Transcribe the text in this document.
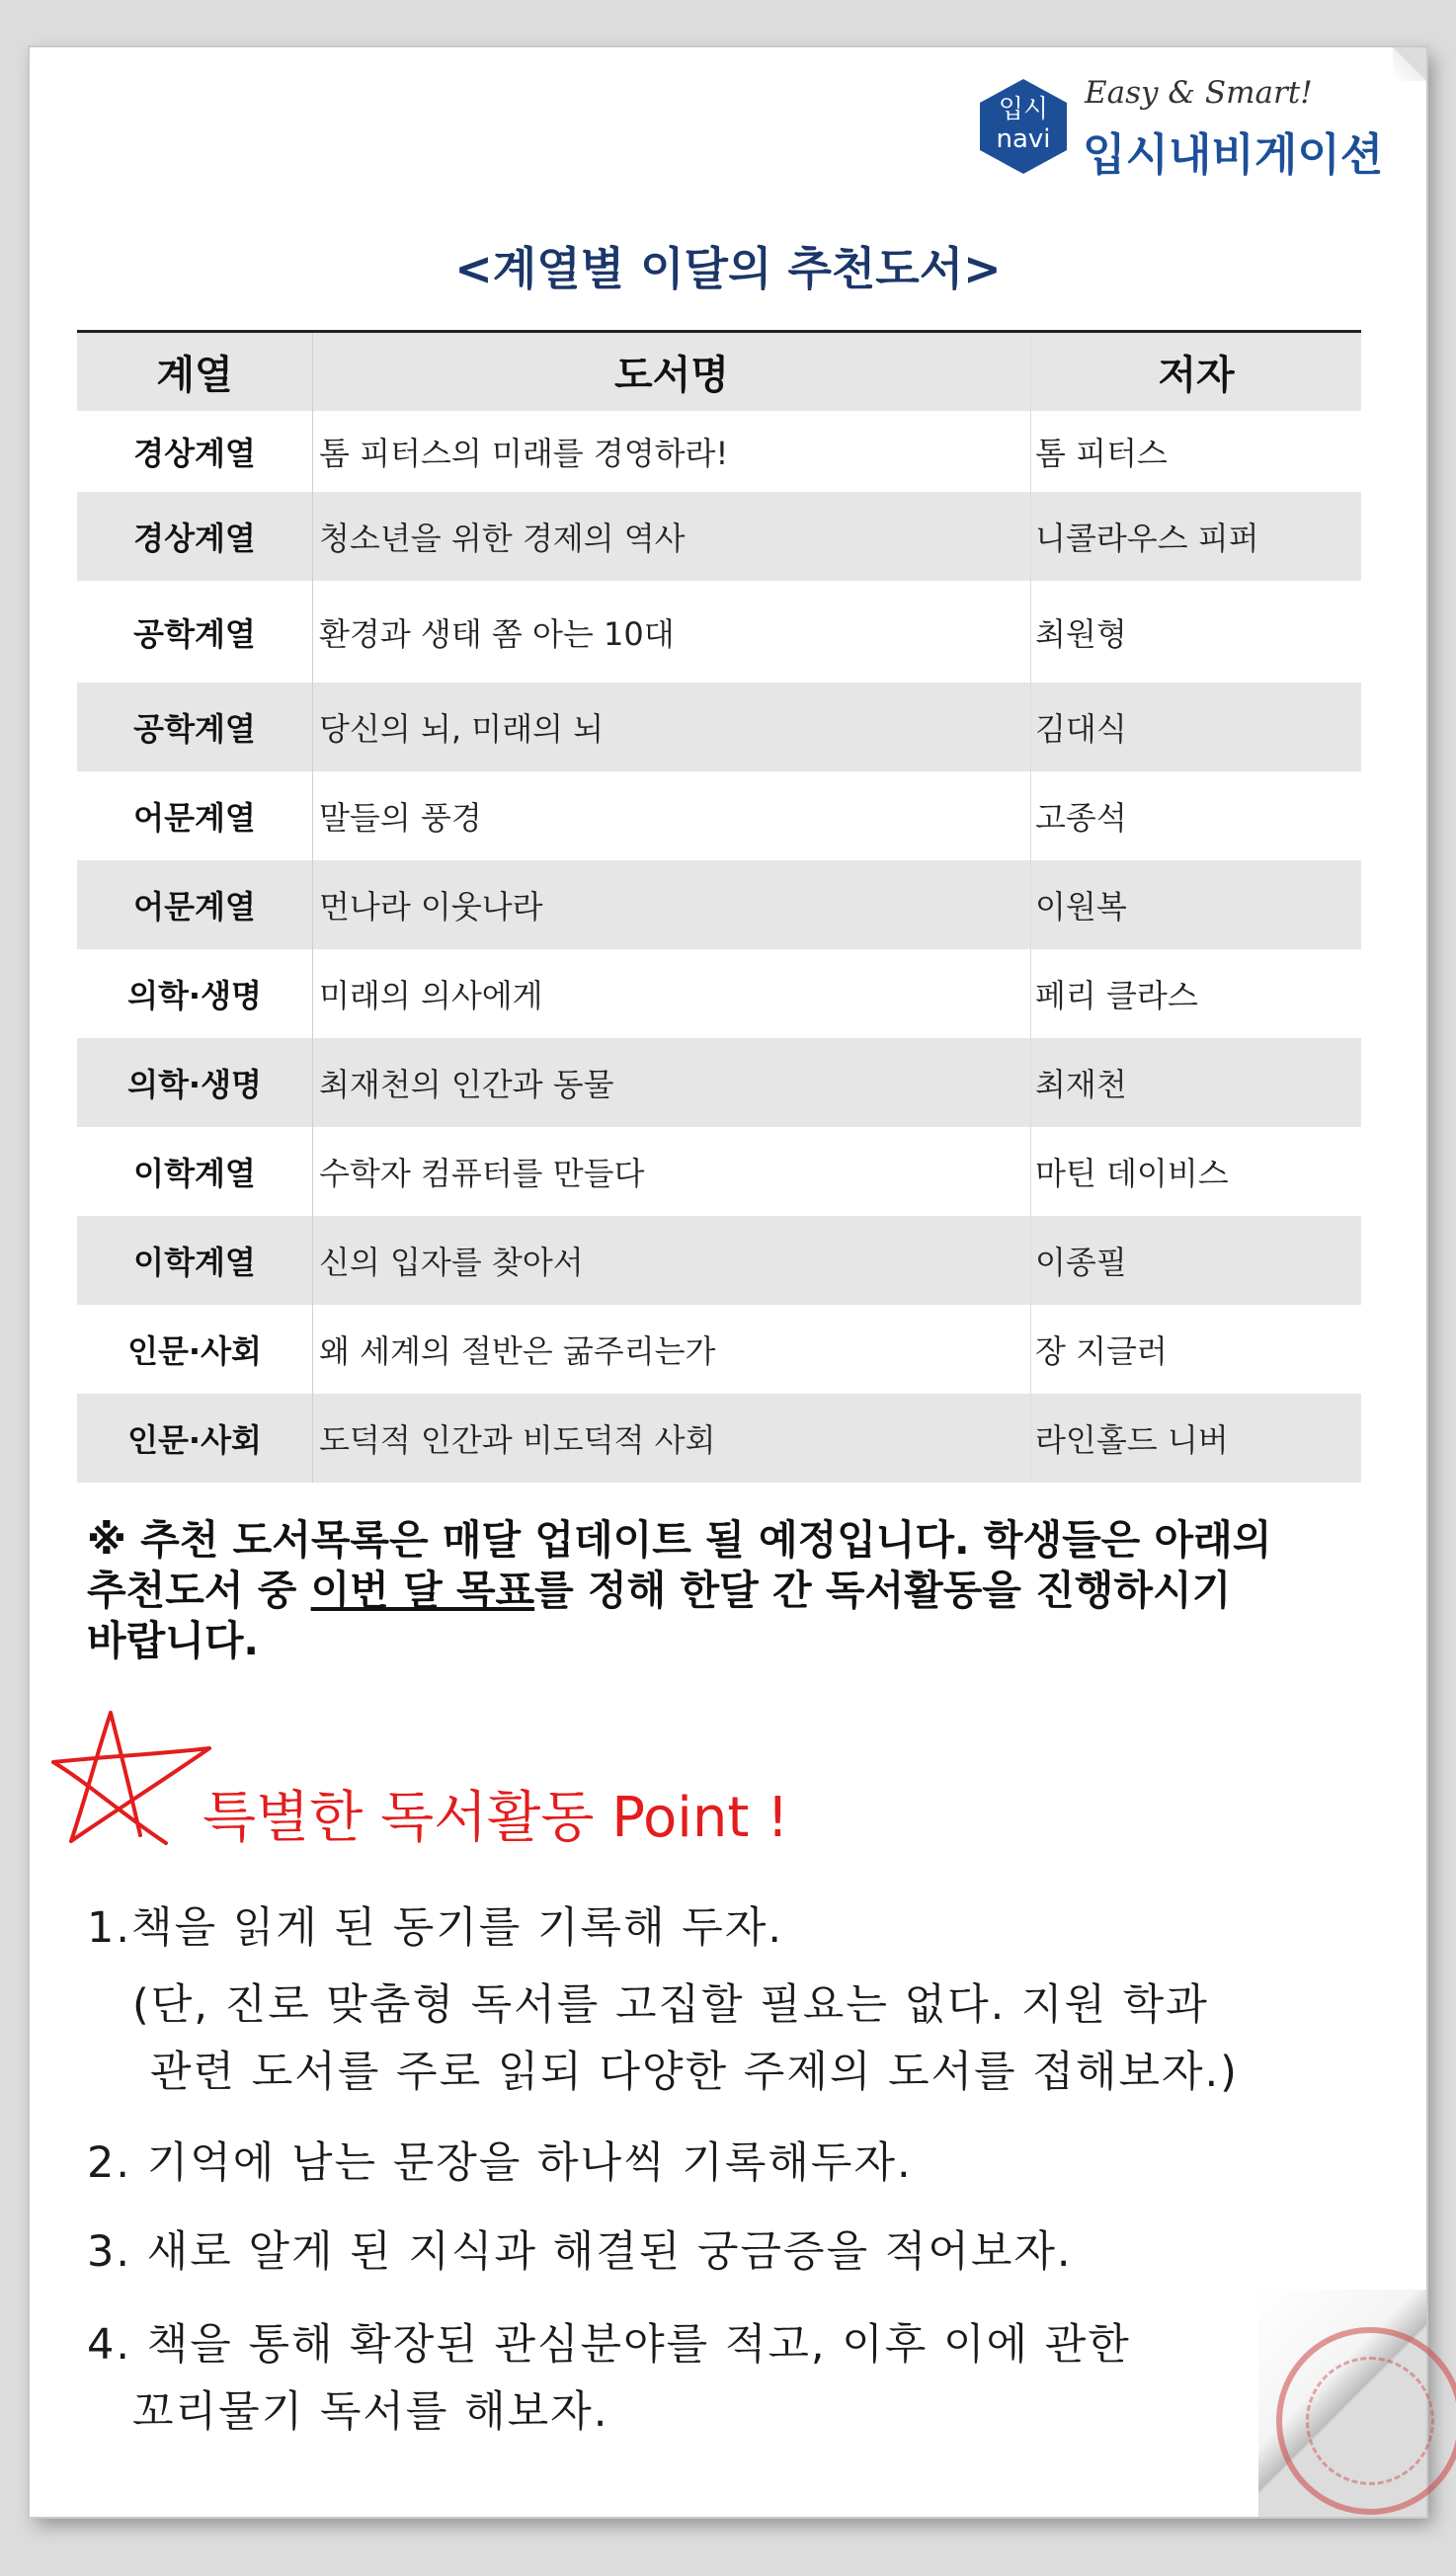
입시
navi
Easy & Smart!
입시내비게이션
<계열별 이달의 추천도서>
계열	도서명	저자
경상계열	톰 피터스의 미래를 경영하라!	톰 피터스
경상계열	청소년을 위한 경제의 역사	니콜라우스 피퍼
공학계열	환경과 생태 쫌 아는 10대	최원형
공학계열	당신의 뇌, 미래의 뇌	김대식
어문계열	말들의 풍경	고종석
어문계열	먼나라 이웃나라	이원복
의학·생명	미래의 의사에게	페리 클라스
의학·생명	최재천의 인간과 동물	최재천
이학계열	수학자 컴퓨터를 만들다	마틴 데이비스
이학계열	신의 입자를 찾아서	이종필
인문·사회	왜 세계의 절반은 굶주리는가	장 지글러
인문·사회	도덕적 인간과 비도덕적 사회	라인홀드 니버
※ 추천 도서목록은 매달 업데이트 될 예정입니다. 학생들은 아래의
추천도서 중 이번 달 목표를 정해 한달 간 독서활동을 진행하시기
바랍니다.
특별한 독서활동 Point !
1.책을 읽게 된 동기를 기록해 두자.
(단, 진로 맞춤형 독서를 고집할 필요는 없다. 지원 학과
관련 도서를 주로 읽되 다양한 주제의 도서를 접해보자.)
2. 기억에 남는 문장을 하나씩 기록해두자.
3. 새로 알게 된 지식과 해결된 궁금증을 적어보자.
4. 책을 통해 확장된 관심분야를 적고, 이후 이에 관한
꼬리물기 독서를 해보자.
